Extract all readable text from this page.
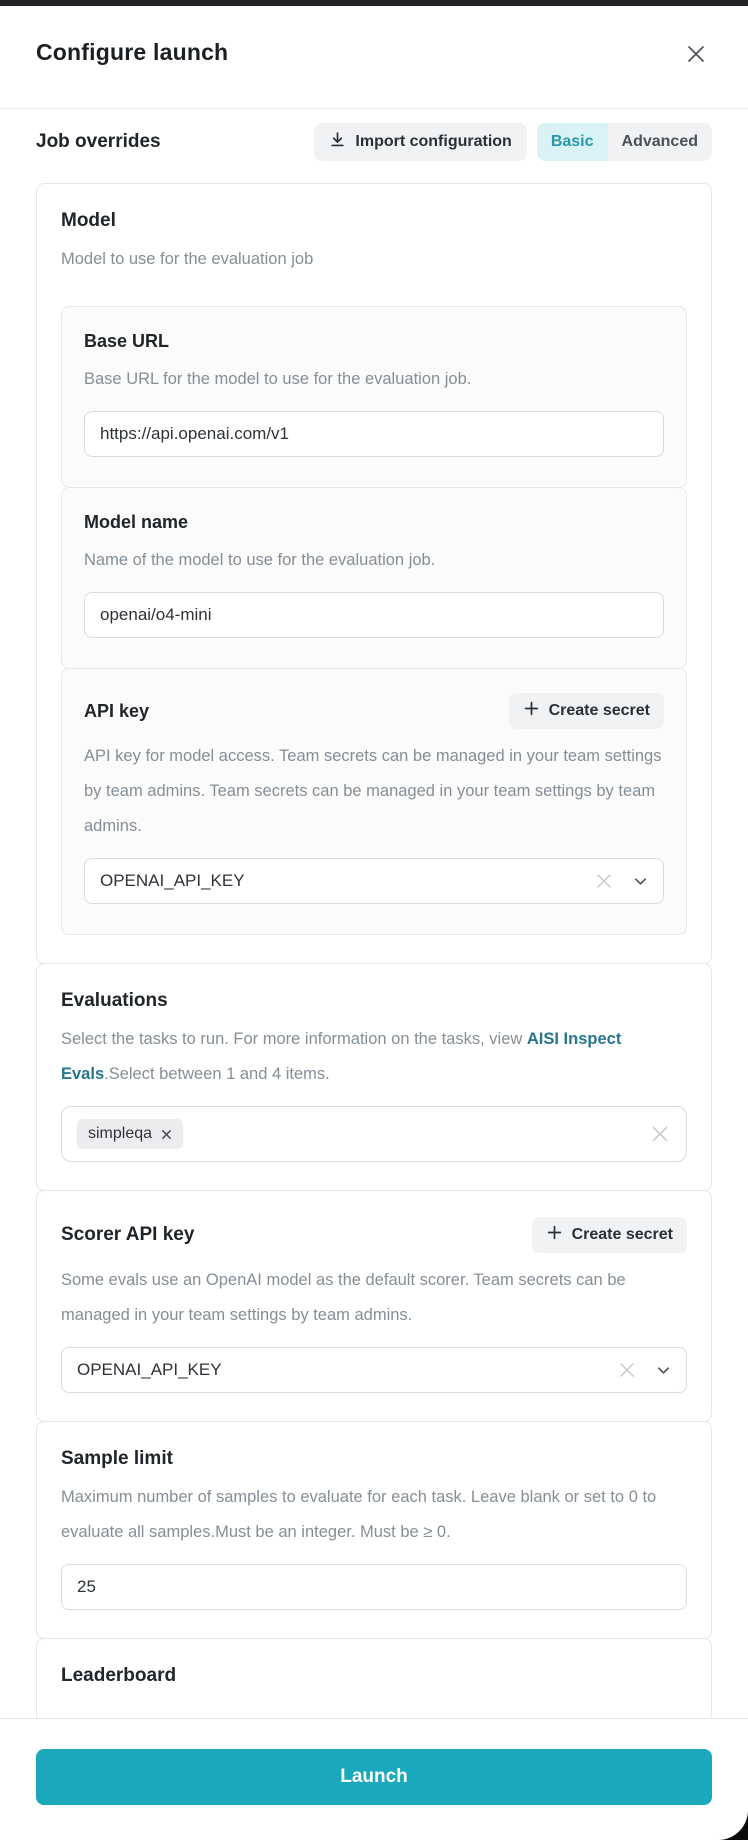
Configure launch
Job overrides	Import configuration	Basic	Advanced
Model

Model to use for the evaluation job

Base URL

Base URL for the model to use for the evaluation job.

https://api.openai.com/v1
Model name

Name of the model to use for the evaluation job.

openai/o4-mini
API key	Create secret

API key for model access. Team secrets can be managed in your team settings by team admins. Team secrets can be managed in your team settings by team admins.

OPENAI_API_KEY
Evaluations

Select the tasks to run. For more information on the tasks, view AISI Inspect Evals.Select between 1 and 4 items.

simpleqa
Scorer API key	Create secret

Some evals use an OpenAI model as the default scorer. Team secrets can be managed in your team settings by team admins.

OPENAI_API_KEY
Sample limit

Maximum number of samples to evaluate for each task. Leave blank or set to 0 to evaluate all samples.Must be an integer. Must be ≥ 0.

25
Leaderboard
Launch
